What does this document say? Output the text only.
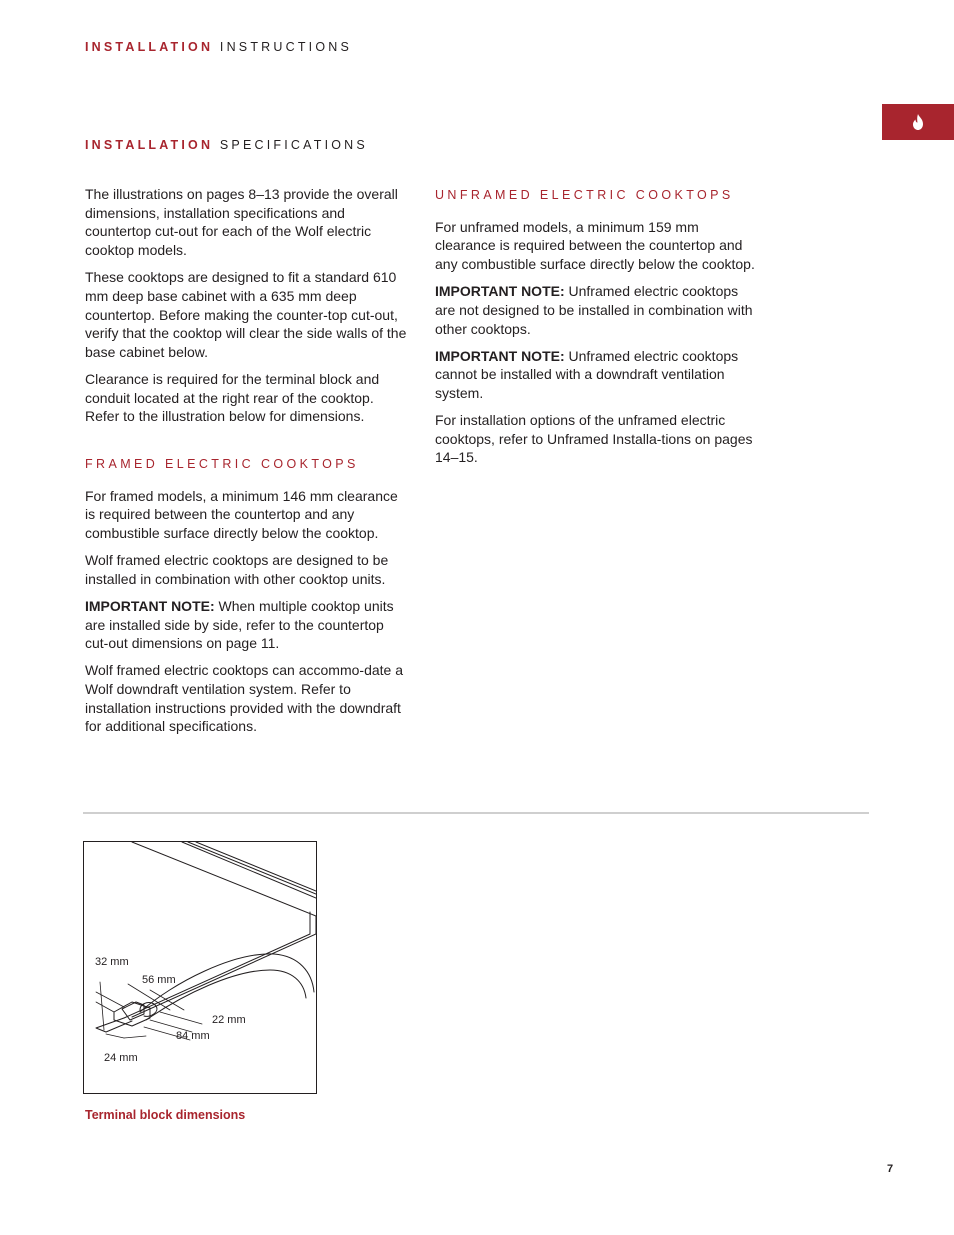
INSTALLATION INSTRUCTIONS
INSTALLATION SPECIFICATIONS

The illustrations on pages 8–13 provide the overall dimensions, installation specifications and countertop cut-out for each of the Wolf electric cooktop models.

These cooktops are designed to fit a standard 610 mm deep base cabinet with a 635 mm deep countertop. Before making the counter-top cut-out, verify that the cooktop will clear the side walls of the base cabinet below.

Clearance is required for the terminal block and conduit located at the right rear of the cooktop. Refer to the illustration below for dimensions.

FRAMED ELECTRIC COOKTOPS

For framed models, a minimum 146 mm clearance is required between the countertop and any combustible surface directly below the cooktop.

Wolf framed electric cooktops are designed to be installed in combination with other cooktop units.

IMPORTANT NOTE: When multiple cooktop units are installed side by side, refer to the countertop cut-out dimensions on page 11.

Wolf framed electric cooktops can accommo-date a Wolf downdraft ventilation system. Refer to installation instructions provided with the downdraft for additional specifications.

UNFRAMED ELECTRIC COOKTOPS

For unframed models, a minimum 159 mm clearance is required between the countertop and any combustible surface directly below the cooktop.

IMPORTANT NOTE: Unframed electric cooktops are not designed to be installed in combination with other cooktops.

IMPORTANT NOTE: Unframed electric cooktops cannot be installed with a downdraft ventilation system.

For installation options of the unframed electric cooktops, refer to Unframed Installa-tions on pages 14–15.

32 mm
56 mm
22 mm
84 mm
24 mm
Terminal block dimensions
7
